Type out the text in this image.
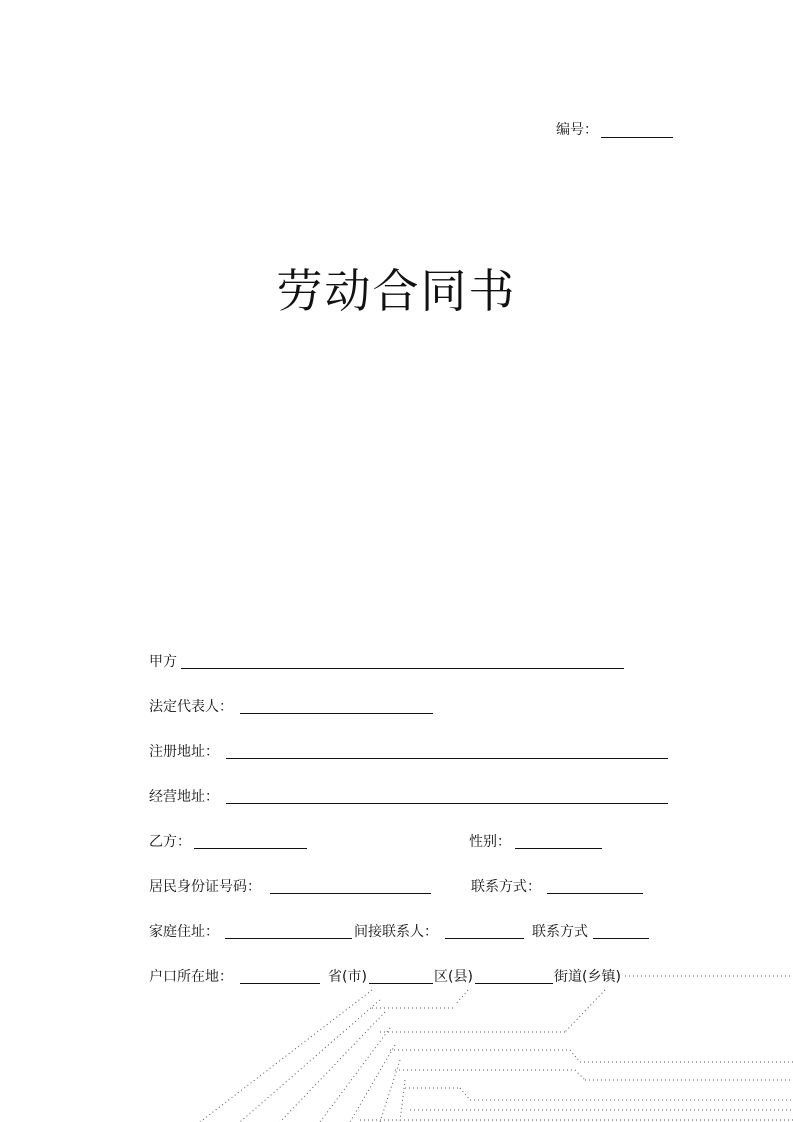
编号：
劳动合同书
甲方
法定代表人：
注册地址：
经营地址：
乙方：	性别：
居民身份证号码：	联系方式：
家庭住址：	间接联系人：	联系方式
户口所在地：	省(市)	区(县)	街道(乡镇)
